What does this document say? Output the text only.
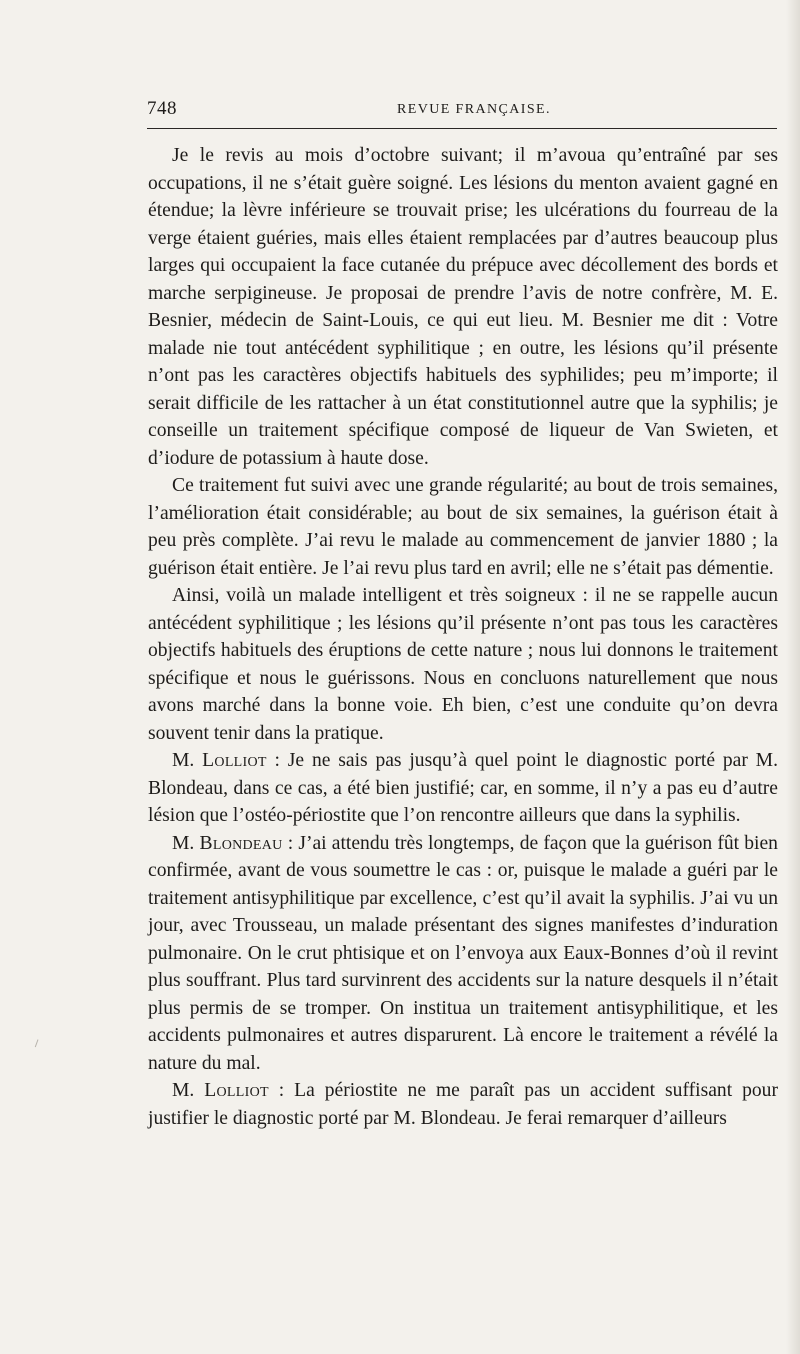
748	REVUE FRANÇAISE.

Je le revis au mois d’octobre suivant; il m’avoua qu’entraîné par ses occupations, il ne s’était guère soigné. Les lésions du menton avaient gagné en étendue; la lèvre inférieure se trouvait prise; les ulcérations du fourreau de la verge étaient guéries, mais elles étaient remplacées par d’autres beaucoup plus larges qui occupaient la face cutanée du prépuce avec décollement des bords et marche serpigineuse. Je proposai de prendre l’avis de notre confrère, M. E. Besnier, médecin de Saint-Louis, ce qui eut lieu. M. Besnier me dit : Votre malade nie tout antécédent syphilitique ; en outre, les lésions qu’il présente n’ont pas les caractères objectifs habituels des syphilides; peu m’importe; il serait difficile de les rattacher à un état constitutionnel autre que la syphilis; je conseille un traitement spécifique composé de liqueur de Van Swieten, et d’iodure de potassium à haute dose.

Ce traitement fut suivi avec une grande régularité; au bout de trois semaines, l’amélioration était considérable; au bout de six semaines, la guérison était à peu près complète. J’ai revu le malade au commencement de janvier 1880 ; la guérison était entière. Je l’ai revu plus tard en avril; elle ne s’était pas démentie.

Ainsi, voilà un malade intelligent et très soigneux : il ne se rappelle aucun antécédent syphilitique ; les lésions qu’il présente n’ont pas tous les caractères objectifs habituels des éruptions de cette nature ; nous lui donnons le traitement spécifique et nous le guérissons. Nous en concluons naturellement que nous avons marché dans la bonne voie. Eh bien, c’est une conduite qu’on devra souvent tenir dans la pratique.

M. Lolliot : Je ne sais pas jusqu’à quel point le diagnostic porté par M. Blondeau, dans ce cas, a été bien justifié; car, en somme, il n’y a pas eu d’autre lésion que l’ostéo-périostite que l’on rencontre ailleurs que dans la syphilis.

M. Blondeau : J’ai attendu très longtemps, de façon que la guérison fût bien confirmée, avant de vous soumettre le cas : or, puisque le malade a guéri par le traitement antisyphilitique par excellence, c’est qu’il avait la syphilis. J’ai vu un jour, avec Trousseau, un malade présentant des signes manifestes d’induration pulmonaire. On le crut phtisique et on l’envoya aux Eaux-Bonnes d’où il revint plus souffrant. Plus tard survinrent des accidents sur la nature desquels il n’était plus permis de se tromper. On institua un traitement antisyphilitique, et les accidents pulmonaires et autres disparurent. Là encore le traitement a révélé la nature du mal.

M. Lolliot : La périostite ne me paraît pas un accident suffisant pour justifier le diagnostic porté par M. Blondeau. Je ferai remarquer d’ailleurs
